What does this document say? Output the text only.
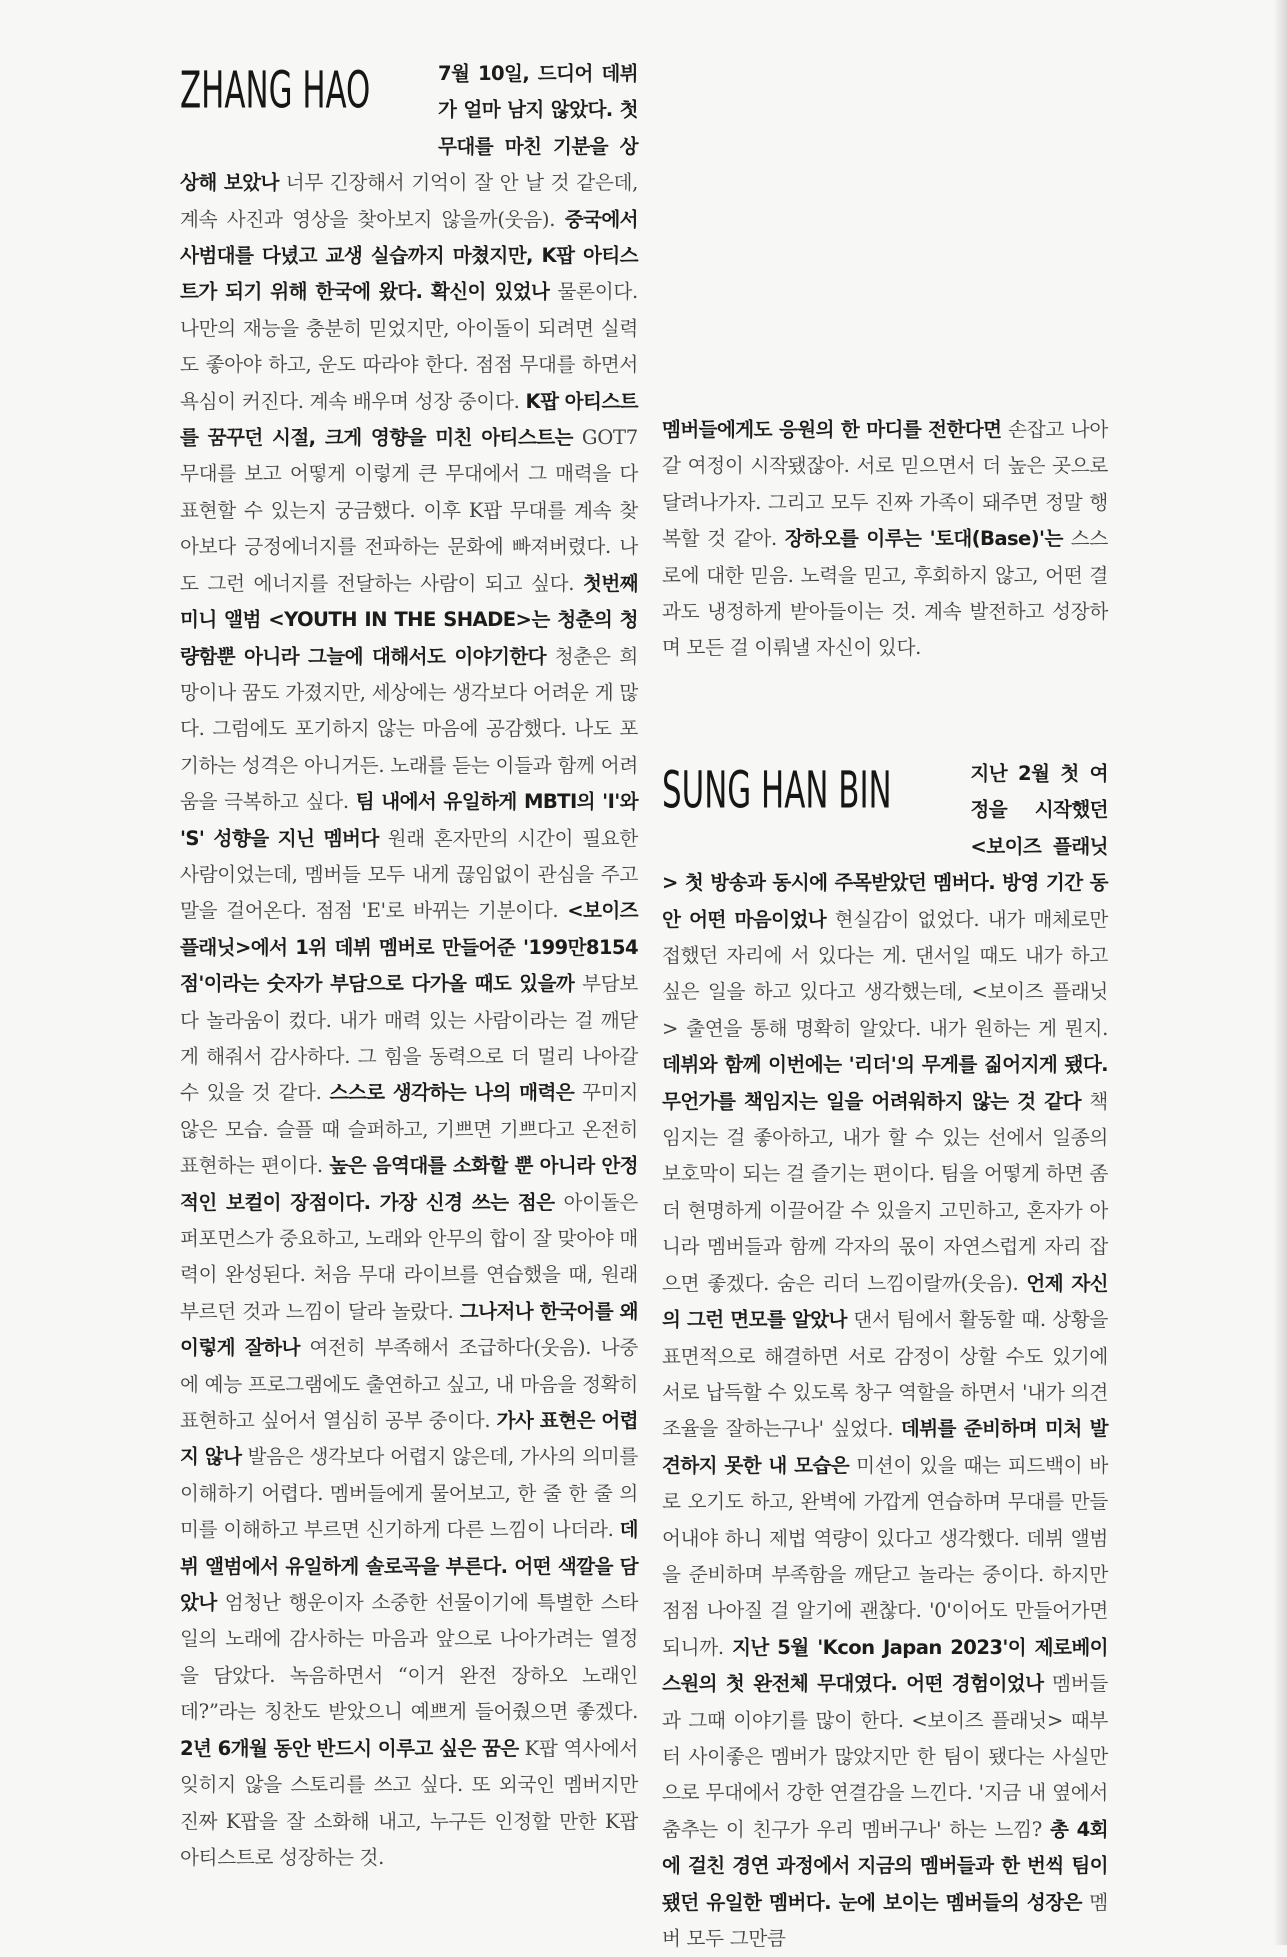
ZHANG HAO	7월 10일, 드디어 데뷔가 얼마 남지 않았다. 첫 무대를 마친 기분을 상상해 보았나 너무 긴장해서 기억이 잘 안 날 것 같은데, 계속 사진과 영상을 찾아보지 않을까(웃음). 중국에서 사범대를 다녔고 교생 실습까지 마쳤지만, K팝 아티스트가 되기 위해 한국에 왔다. 확신이 있었나 물론이다. 나만의 재능을 충분히 믿었지만, 아이돌이 되려면 실력도 좋아야 하고, 운도 따라야 한다. 점점 무대를 하면서 욕심이 커진다. 계속 배우며 성장 중이다. K팝 아티스트를 꿈꾸던 시절, 크게 영향을 미친 아티스트는 GOT7 무대를 보고 어떻게 이렇게 큰 무대에서 그 매력을 다 표현할 수 있는지 궁금했다. 이후 K팝 무대를 계속 찾아보다 긍정에너지를 전파하는 문화에 빠져버렸다. 나도 그런 에너지를 전달하는 사람이 되고 싶다. 첫번째 미니 앨범 <YOUTH IN THE SHADE>는 청춘의 청량함뿐 아니라 그늘에 대해서도 이야기한다 청춘은 희망이나 꿈도 가졌지만, 세상에는 생각보다 어려운 게 많다. 그럼에도 포기하지 않는 마음에 공감했다. 나도 포기하는 성격은 아니거든. 노래를 듣는 이들과 함께 어려움을 극복하고 싶다. 팀 내에서 유일하게 MBTI의 'I'와 'S' 성향을 지닌 멤버다 원래 혼자만의 시간이 필요한 사람이었는데, 멤버들 모두 내게 끊임없이 관심을 주고 말을 걸어온다. 점점 'E'로 바뀌는 기분이다. <보이즈 플래닛>에서 1위 데뷔 멤버로 만들어준 '199만8154점'이라는 숫자가 부담으로 다가올 때도 있을까 부담보다 놀라움이 컸다. 내가 매력 있는 사람이라는 걸 깨닫게 해줘서 감사하다. 그 힘을 동력으로 더 멀리 나아갈 수 있을 것 같다. 스스로 생각하는 나의 매력은 꾸미지 않은 모습. 슬플 때 슬퍼하고, 기쁘면 기쁘다고 온전히 표현하는 편이다. 높은 음역대를 소화할 뿐 아니라 안정적인 보컬이 장점이다. 가장 신경 쓰는 점은 아이돌은 퍼포먼스가 중요하고, 노래와 안무의 합이 잘 맞아야 매력이 완성된다. 처음 무대 라이브를 연습했을 때, 원래 부르던 것과 느낌이 달라 놀랐다. 그나저나 한국어를 왜 이렇게 잘하나 여전히 부족해서 조급하다(웃음). 나중에 예능 프로그램에도 출연하고 싶고, 내 마음을 정확히 표현하고 싶어서 열심히 공부 중이다. 가사 표현은 어렵지 않나 발음은 생각보다 어렵지 않은데, 가사의 의미를 이해하기 어렵다. 멤버들에게 물어보고, 한 줄 한 줄 의미를 이해하고 부르면 신기하게 다른 느낌이 나더라. 데뷔 앨범에서 유일하게 솔로곡을 부른다. 어떤 색깔을 담았나 엄청난 행운이자 소중한 선물이기에 특별한 스타일의 노래에 감사하는 마음과 앞으로 나아가려는 열정을 담았다. 녹음하면서 “이거 완전 장하오 노래인데?”라는 칭찬도 받았으니 예쁘게 들어줬으면 좋겠다. 2년 6개월 동안 반드시 이루고 싶은 꿈은 K팝 역사에서 잊히지 않을 스토리를 쓰고 싶다. 또 외국인 멤버지만 진짜 K팝을 잘 소화해 내고, 누구든 인정할 만한 K팝 아티스트로 성장하는 것.

멤버들에게도 응원의 한 마디를 전한다면 손잡고 나아갈 여정이 시작됐잖아. 서로 믿으면서 더 높은 곳으로 달려나가자. 그리고 모두 진짜 가족이 돼주면 정말 행복할 것 같아. 장하오를 이루는 '토대(Base)'는 스스로에 대한 믿음. 노력을 믿고, 후회하지 않고, 어떤 결과도 냉정하게 받아들이는 것. 계속 발전하고 성장하며 모든 걸 이뤄낼 자신이 있다.

SUNG HAN BIN	지난 2월 첫 여정을 시작했던 <보이즈 플래닛> 첫 방송과 동시에 주목받았던 멤버다. 방영 기간 동안 어떤 마음이었나 현실감이 없었다. 내가 매체로만 접했던 자리에 서 있다는 게. 댄서일 때도 내가 하고 싶은 일을 하고 있다고 생각했는데, <보이즈 플래닛> 출연을 통해 명확히 알았다. 내가 원하는 게 뭔지. 데뷔와 함께 이번에는 '리더'의 무게를 짊어지게 됐다. 무언가를 책임지는 일을 어려워하지 않는 것 같다 책임지는 걸 좋아하고, 내가 할 수 있는 선에서 일종의 보호막이 되는 걸 즐기는 편이다. 팀을 어떻게 하면 좀 더 현명하게 이끌어갈 수 있을지 고민하고, 혼자가 아니라 멤버들과 함께 각자의 몫이 자연스럽게 자리 잡으면 좋겠다. 숨은 리더 느낌이랄까(웃음). 언제 자신의 그런 면모를 알았나 댄서 팀에서 활동할 때. 상황을 표면적으로 해결하면 서로 감정이 상할 수도 있기에 서로 납득할 수 있도록 창구 역할을 하면서 '내가 의견 조율을 잘하는구나' 싶었다. 데뷔를 준비하며 미처 발견하지 못한 내 모습은 미션이 있을 때는 피드백이 바로 오기도 하고, 완벽에 가깝게 연습하며 무대를 만들어내야 하니 제법 역량이 있다고 생각했다. 데뷔 앨범을 준비하며 부족함을 깨닫고 놀라는 중이다. 하지만 점점 나아질 걸 알기에 괜찮다. '0'이어도 만들어가면 되니까. 지난 5월 'Kcon Japan 2023'이 제로베이스원의 첫 완전체 무대였다. 어떤 경험이었나 멤버들과 그때 이야기를 많이 한다. <보이즈 플래닛> 때부터 사이좋은 멤버가 많았지만 한 팀이 됐다는 사실만으로 무대에서 강한 연결감을 느낀다. '지금 내 옆에서 춤추는 이 친구가 우리 멤버구나' 하는 느낌? 총 4회에 걸친 경연 과정에서 지금의 멤버들과 한 번씩 팀이 됐던 유일한 멤버다. 눈에 보이는 멤버들의 성장은 멤버 모두 그만큼
